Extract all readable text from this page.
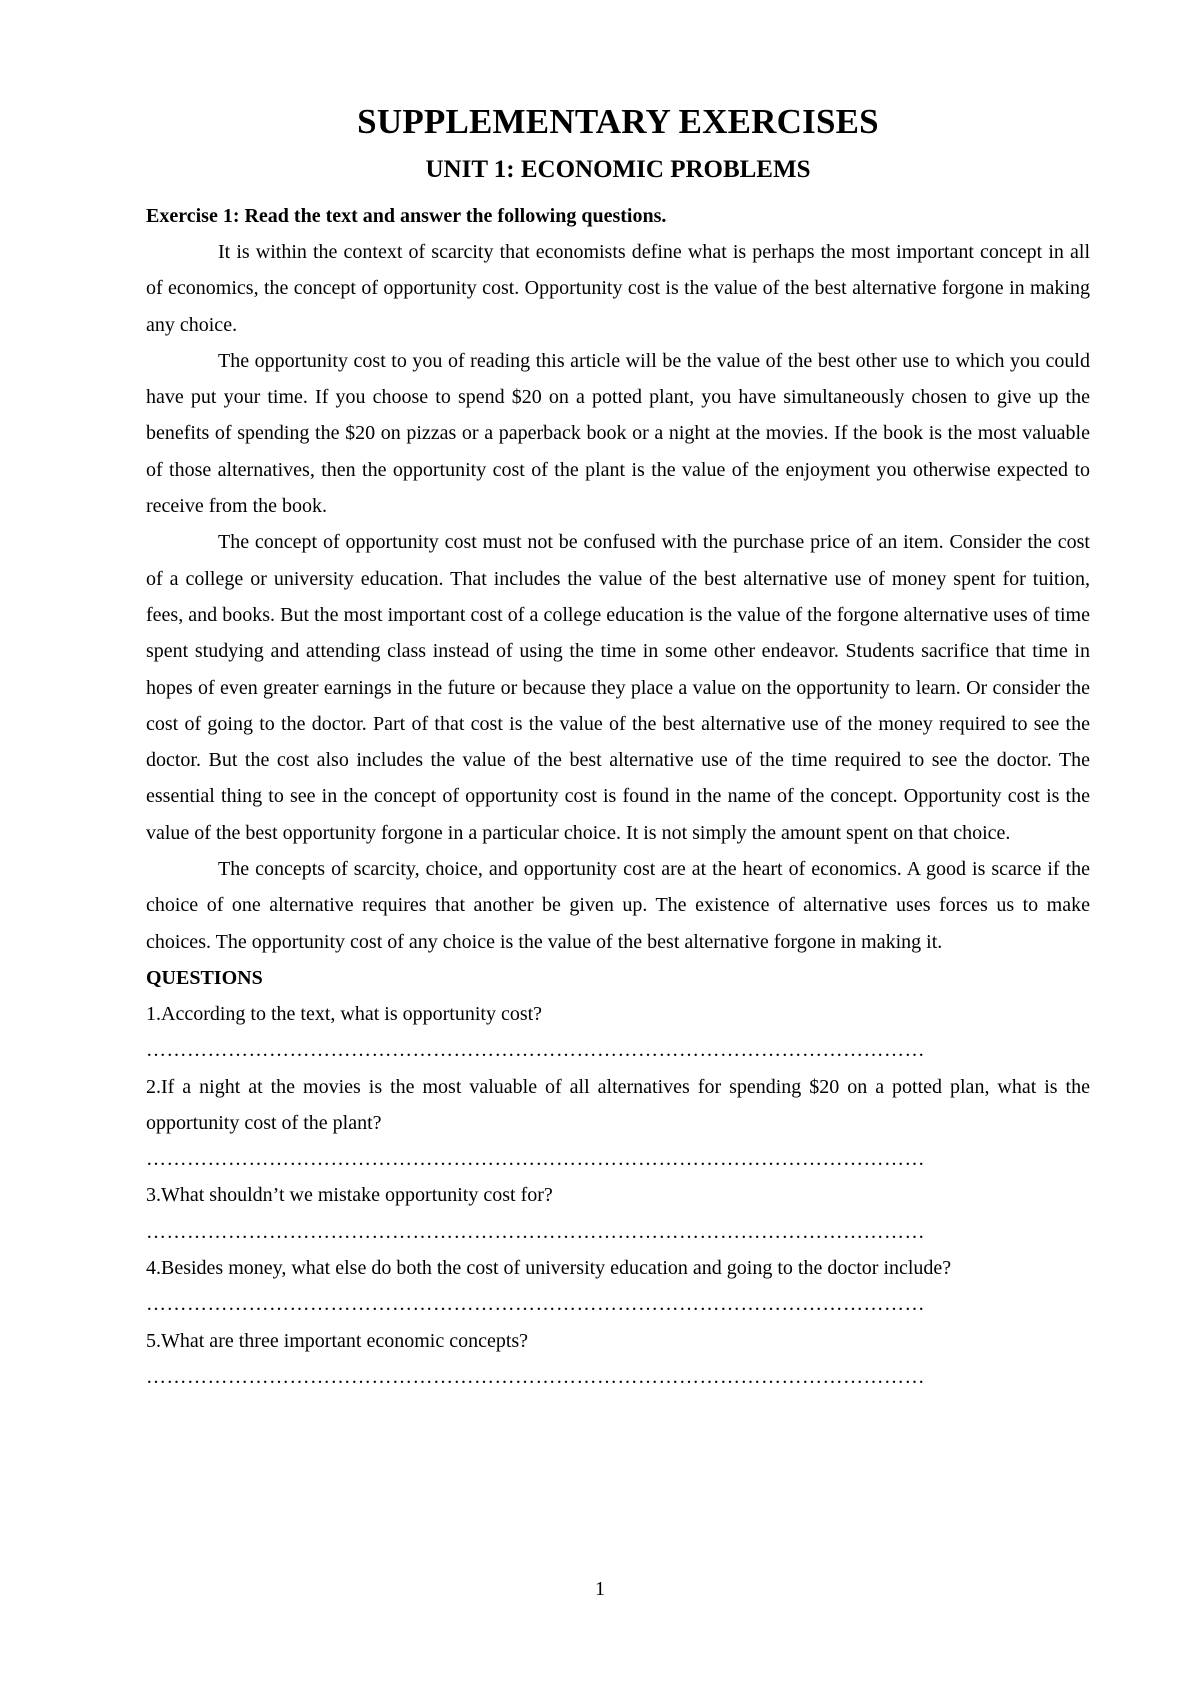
SUPPLEMENTARY EXERCISES
UNIT 1: ECONOMIC PROBLEMS

Exercise 1: Read the text and answer the following questions.

It is within the context of scarcity that economists define what is perhaps the most important concept in all of economics, the concept of opportunity cost. Opportunity cost is the value of the best alternative forgone in making any choice.

The opportunity cost to you of reading this article will be the value of the best other use to which you could have put your time. If you choose to spend $20 on a potted plant, you have simultaneously chosen to give up the benefits of spending the $20 on pizzas or a paperback book or a night at the movies. If the book is the most valuable of those alternatives, then the opportunity cost of the plant is the value of the enjoyment you otherwise expected to receive from the book.

The concept of opportunity cost must not be confused with the purchase price of an item. Consider the cost of a college or university education. That includes the value of the best alternative use of money spent for tuition, fees, and books. But the most important cost of a college education is the value of the forgone alternative uses of time spent studying and attending class instead of using the time in some other endeavor. Students sacrifice that time in hopes of even greater earnings in the future or because they place a value on the opportunity to learn. Or consider the cost of going to the doctor. Part of that cost is the value of the best alternative use of the money required to see the doctor. But the cost also includes the value of the best alternative use of the time required to see the doctor. The essential thing to see in the concept of opportunity cost is found in the name of the concept. Opportunity cost is the value of the best opportunity forgone in a particular choice. It is not simply the amount spent on that choice.

The concepts of scarcity, choice, and opportunity cost are at the heart of economics. A good is scarce if the choice of one alternative requires that another be given up. The existence of alternative uses forces us to make choices. The opportunity cost of any choice is the value of the best alternative forgone in making it.

QUESTIONS

1.According to the text, what is opportunity cost?

……………………………………………………………………………………………………

2.If a night at the movies is the most valuable of all alternatives for spending $20 on a potted plan, what is the opportunity cost of the plant?

……………………………………………………………………………………………………

3.What shouldn’t we mistake opportunity cost for?

……………………………………………………………………………………………………

4.Besides money, what else do both the cost of university education and going to the doctor include?

……………………………………………………………………………………………………

5.What are three important economic concepts?

……………………………………………………………………………………………………

1
